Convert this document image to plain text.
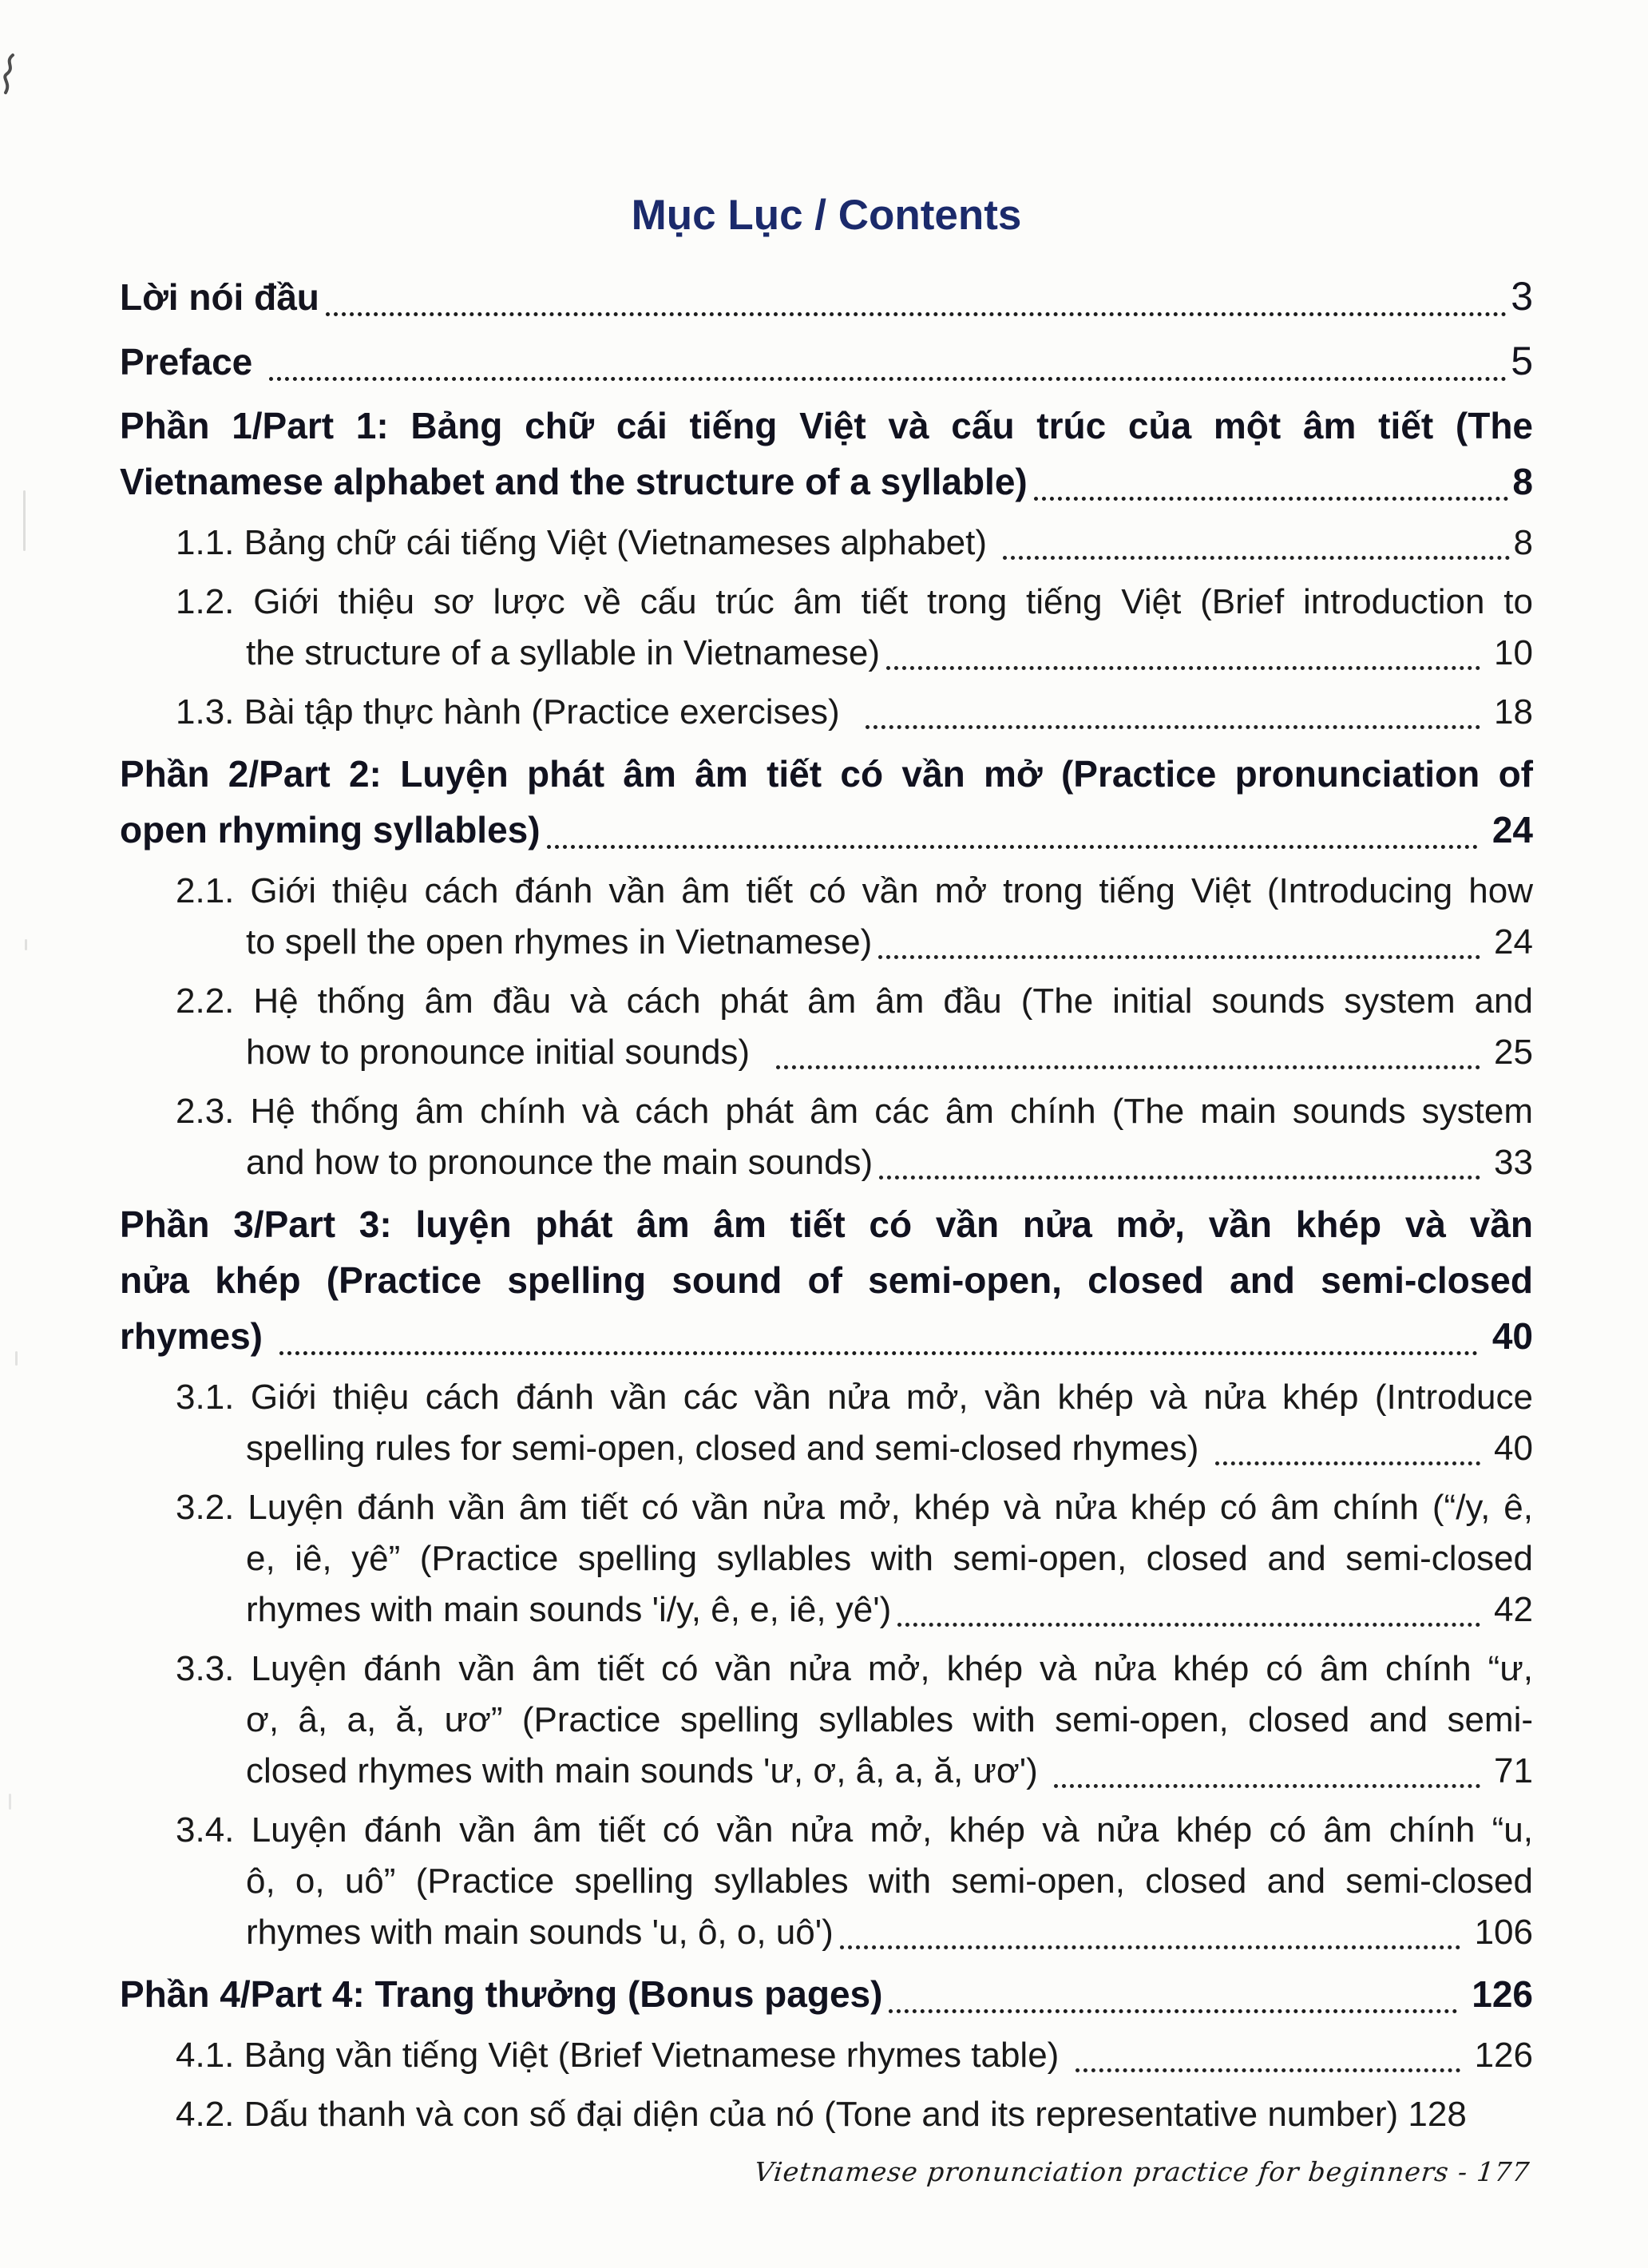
Mục Lục / Contents
Lời nói đầu	3
Preface	5
Phần 1/Part 1: Bảng chữ cái tiếng Việt và cấu trúc của một âm tiết (The
Vietnamese alphabet and the structure of a syllable)	8
1.1. Bảng chữ cái tiếng Việt (Vietnameses alphabet)	8
1.2. Giới thiệu sơ lược về cấu trúc âm tiết trong tiếng Việt (Brief introduction to
the structure of a syllable in Vietnamese)	10
1.3. Bài tập thực hành (Practice exercises)	18
Phần 2/Part 2: Luyện phát âm âm tiết có vần mở (Practice pronunciation of
open rhyming syllables)	24
2.1. Giới thiệu cách đánh vần âm tiết có vần mở trong tiếng Việt (Introducing how
to spell the open rhymes in Vietnamese)	24
2.2. Hệ thống âm đầu và cách phát âm âm đầu (The initial sounds system and
how to pronounce initial sounds)	25
2.3. Hệ thống âm chính và cách phát âm các âm chính (The main sounds system
and how to pronounce the main sounds)	33
Phần 3/Part 3: luyện phát âm âm tiết có vần nửa mở, vần khép và vần
nửa khép (Practice spelling sound of semi-open, closed and semi-closed
rhymes)	40
3.1. Giới thiệu cách đánh vần các vần nửa mở, vần khép và nửa khép (Introduce
spelling rules for semi-open, closed and semi-closed rhymes)	40
3.2. Luyện đánh vần âm tiết có vần nửa mở, khép và nửa khép có âm chính (“/y, ê,
e, iê, yê” (Practice spelling syllables with semi-open, closed and semi-closed
rhymes with main sounds 'i/y, ê, e, iê, yê')	42
3.3. Luyện đánh vần âm tiết có vần nửa mở, khép và nửa khép có âm chính “ư,
ơ, â, a, ă, ươ” (Practice spelling syllables with semi-open, closed and semi-
closed rhymes with main sounds 'ư, ơ, â, a, ă, ươ')	71
3.4. Luyện đánh vần âm tiết có vần nửa mở, khép và nửa khép có âm chính “u,
ô, o, uô” (Practice spelling syllables with semi-open, closed and semi-closed
rhymes with main sounds 'u, ô, o, uô')	106
Phần 4/Part 4: Trang thưởng (Bonus pages)	126
4.1. Bảng vần tiếng Việt (Brief Vietnamese rhymes table)	126
4.2. Dấu thanh và con số đại diện của nó (Tone and its representative number) 128
Vietnamese pronunciation practice for beginners - 177
